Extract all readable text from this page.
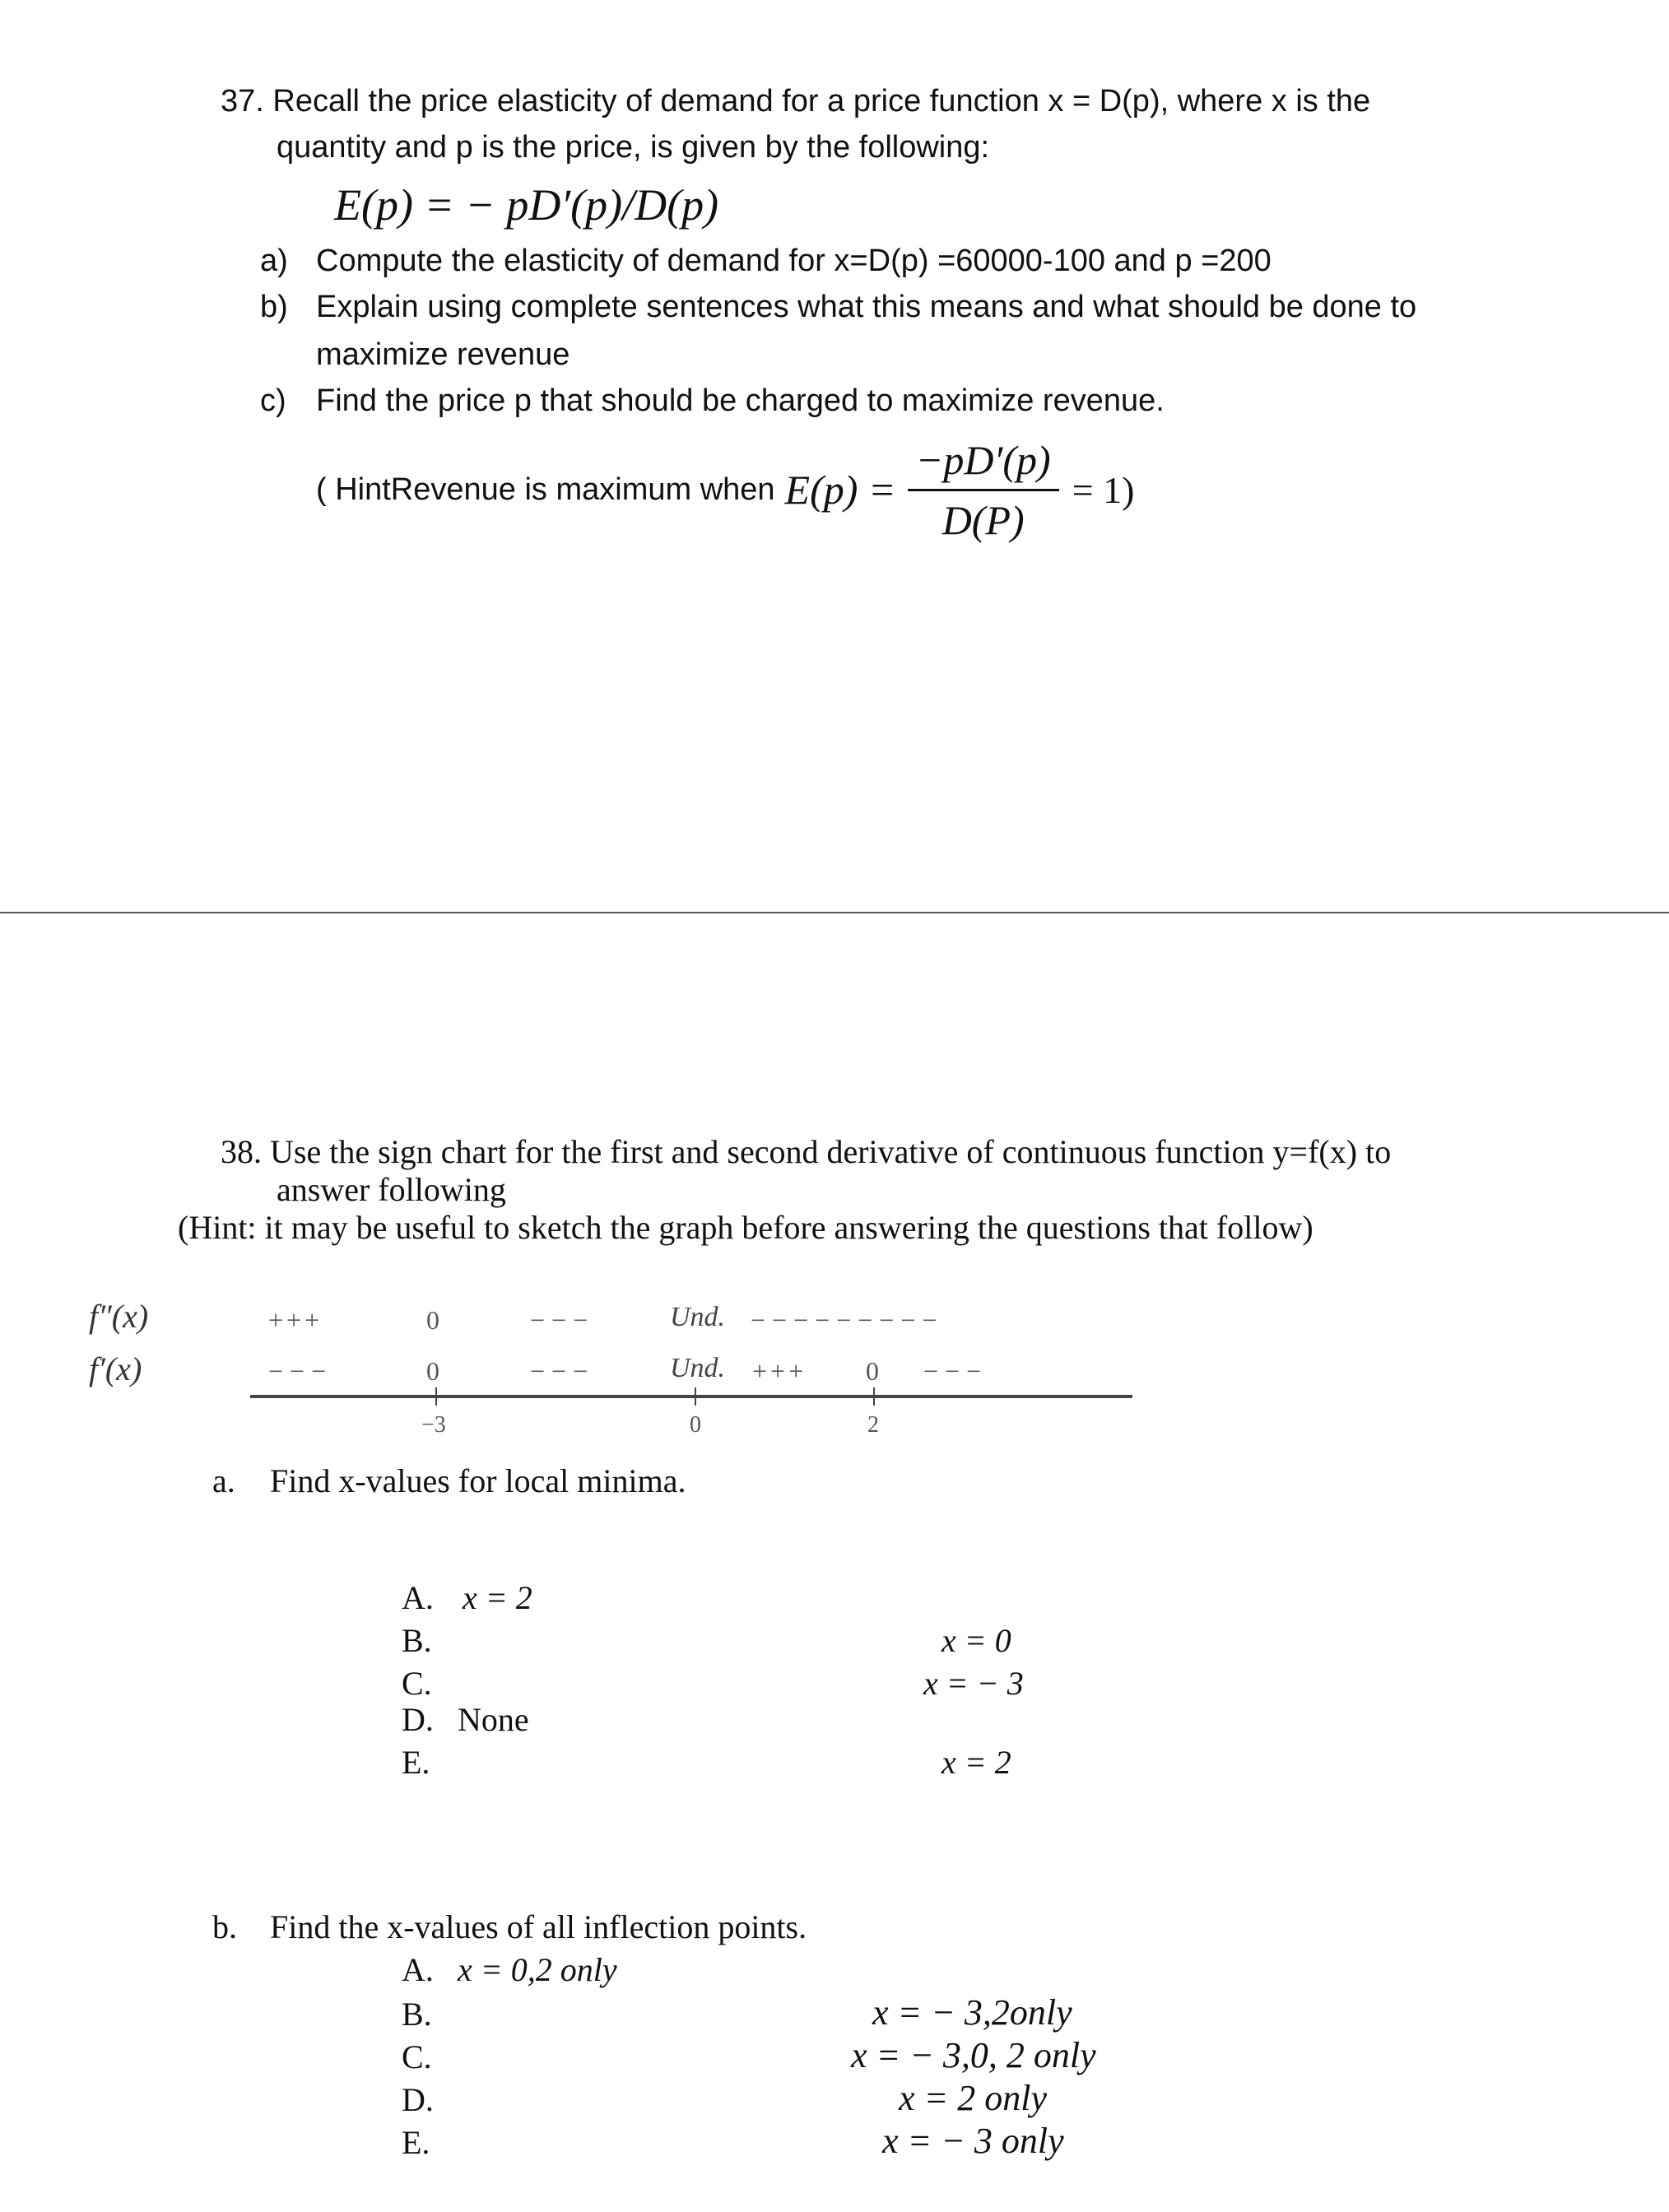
37. Recall the price elasticity of demand for a price function x = D(p), where x is the
quantity and p is the price, is given by the following:
E(p) = − pD′(p)/D(p)
a) Compute the elasticity of demand for x=D(p) =60000-100 and p =200
b) Explain using complete sentences what this means and what should be done to
maximize revenue
c) Find the price p that should be charged to maximize revenue.
( HintRevenue is maximum when $E(p) = \frac{-pD'(p)}{D(P)} = 1$)
38. Use the sign chart for the first and second derivative of continuous function y=f(x) to
answer following
(Hint: it may be useful to sketch the graph before answering the questions that follow)
f″(x)
f′(x)
+++	0	− − −	Und. − − − − − − − − −
− − −	0	− − −	Und. +++ 0 − − −
−3	0	2
a. Find x-values for local minima.
A. x = 2
B.	x = 0
C.	x = − 3
D. None
E.	x = 2
b. Find the x-values of all inflection points.
A. x = 0,2 only
B.	x = − 3,2only
C.	x = − 3,0, 2 only
D.	x = 2 only
E.	x = − 3 only
